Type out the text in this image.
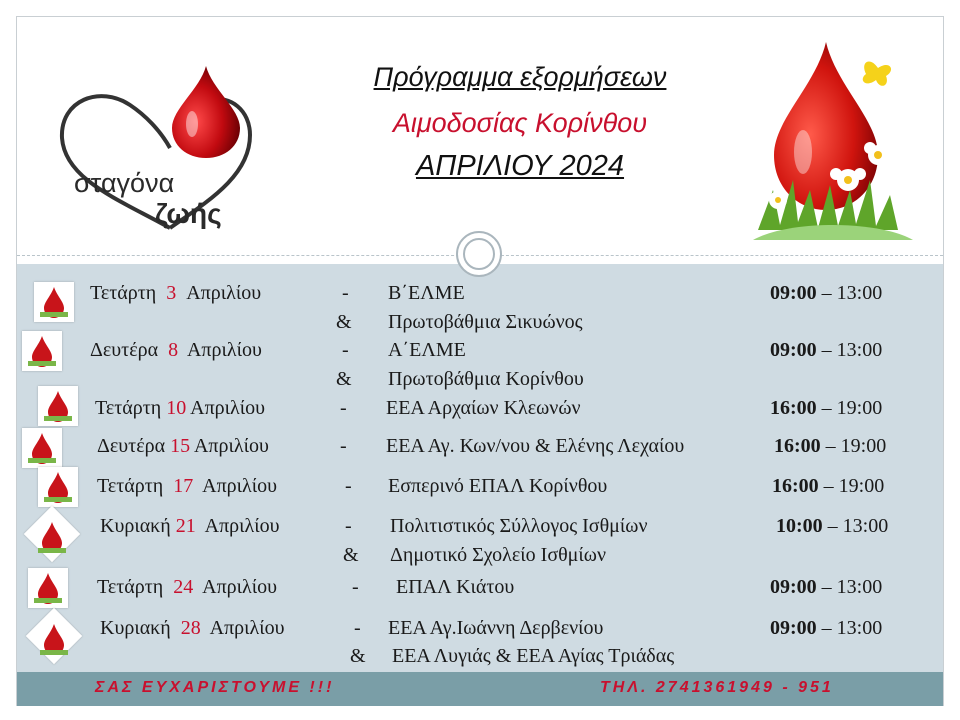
σταγόνα
ζωής
Πρόγραμμα εξορμήσεων
Αιμοδοσίας Κορίνθου
ΑΠΡΙΛΙΟΥ 2024
Τετάρτη 3 Απριλίου	- Β΄ΕΛΜΕ	09:00 – 13:00
& Πρωτοβάθμια Σικυώνος
Δευτέρα 8 Απριλίου	- Α΄ΕΛΜΕ	09:00 – 13:00
& Πρωτοβάθμια Κορίνθου
Τετάρτη 10 Απριλίου	- ΕΕΑ Αρχαίων Κλεωνών	16:00 – 19:00
Δευτέρα 15 Απριλίου	- ΕΕΑ Αγ. Κων/νου & Ελένης Λεχαίου	16:00 – 19:00
Τετάρτη 17 Απριλίου	- Εσπερινό ΕΠΑΛ Κορίνθου	16:00 – 19:00
Κυριακή 21 Απριλίου	- Πολιτιστικός Σύλλογος Ισθμίων	10:00 – 13:00
& Δημοτικό Σχολείο Ισθμίων
Τετάρτη 24 Απριλίου	- ΕΠΑΛ Κιάτου	09:00 – 13:00
Κυριακή 28 Απριλίου	- ΕΕΑ Αγ.Ιωάννη Δερβενίου	09:00 – 13:00
& ΕΕΑ Λυγιάς & ΕΕΑ Αγίας Τριάδας
ΣΑΣ ΕΥΧΑΡΙΣΤΟΥΜΕ !!!	ΤΗΛ. 2741361949 - 951
